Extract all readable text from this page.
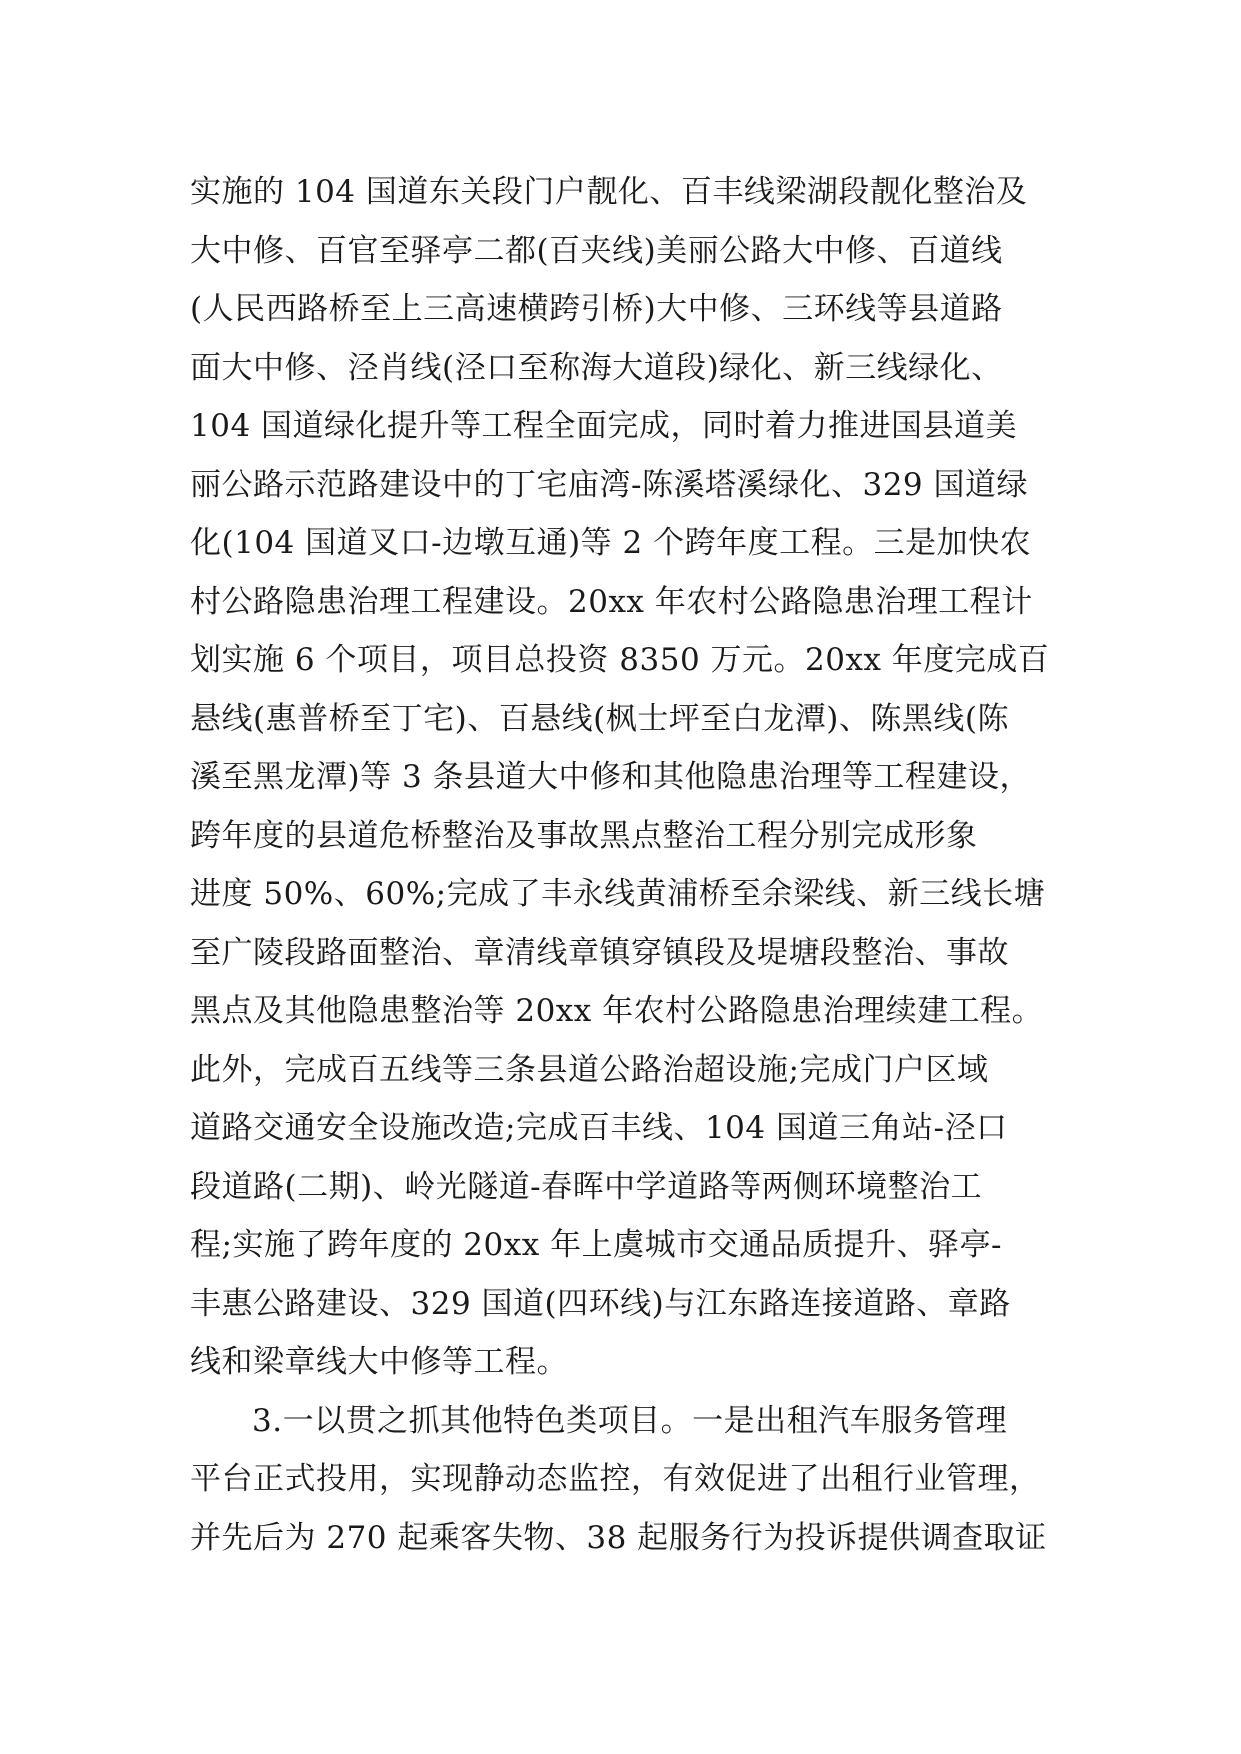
实施的 104 国道东关段门户靓化、百丰线梁湖段靓化整治及
大中修、百官至驿亭二都(百夹线)美丽公路大中修、百道线
(人民西路桥至上三高速横跨引桥)大中修、三环线等县道路
面大中修、泾肖线(泾口至称海大道段)绿化、新三线绿化、
104 国道绿化提升等工程全面完成，同时着力推进国县道美
丽公路示范路建设中的丁宅庙湾-陈溪塔溪绿化、329 国道绿
化(104 国道叉口-边墩互通)等 2 个跨年度工程。三是加快农
村公路隐患治理工程建设。20xx 年农村公路隐患治理工程计
划实施 6 个项目，项目总投资 8350 万元。20xx 年度完成百
悬线(惠普桥至丁宅)、百悬线(枫士坪至白龙潭)、陈黑线(陈
溪至黑龙潭)等 3 条县道大中修和其他隐患治理等工程建设，
跨年度的县道危桥整治及事故黑点整治工程分别完成形象
进度 50%、60%;完成了丰永线黄浦桥至余梁线、新三线长塘
至广陵段路面整治、章清线章镇穿镇段及堤塘段整治、事故
黑点及其他隐患整治等 20xx 年农村公路隐患治理续建工程。
此外，完成百五线等三条县道公路治超设施;完成门户区域
道路交通安全设施改造;完成百丰线、104 国道三角站-泾口
段道路(二期)、岭光隧道-春晖中学道路等两侧环境整治工
程;实施了跨年度的 20xx 年上虞城市交通品质提升、驿亭-
丰惠公路建设、329 国道(四环线)与江东路连接道路、章路
线和梁章线大中修等工程。
3.一以贯之抓其他特色类项目。一是出租汽车服务管理
平台正式投用，实现静动态监控，有效促进了出租行业管理，
并先后为 270 起乘客失物、38 起服务行为投诉提供调查取证
